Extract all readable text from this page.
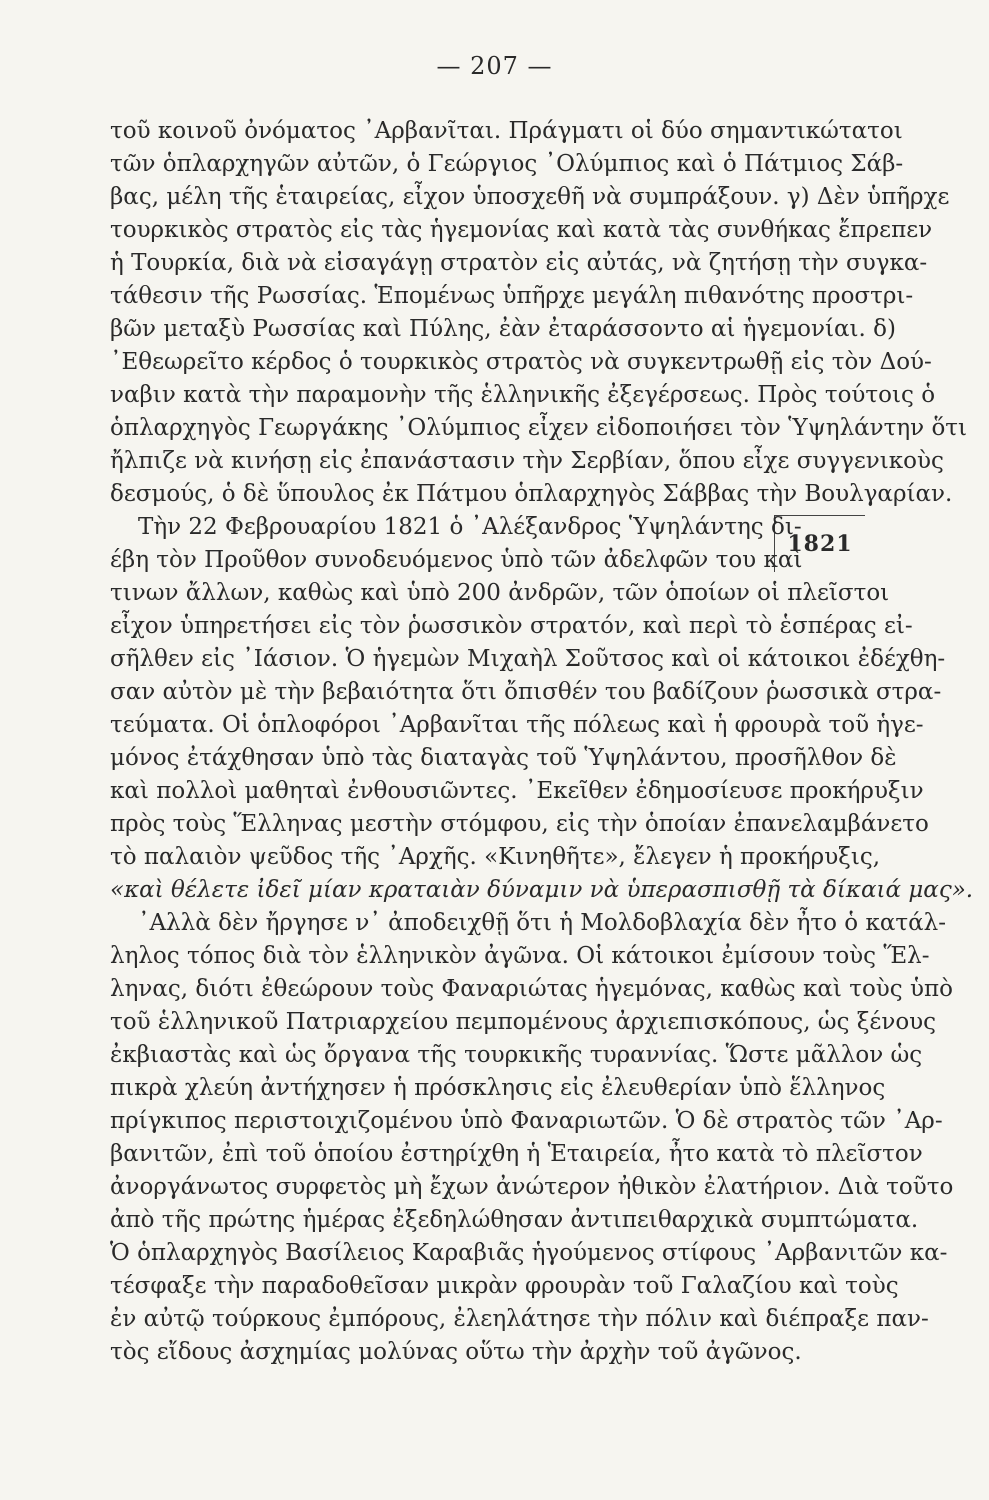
— 207 —
τοῦ κοινοῦ ὀνόματος ᾽Αρβανῖται. Πράγματι οἱ δύο σημαντικώτατοι
τῶν ὁπλαρχηγῶν αὐτῶν, ὁ Γεώργιος ᾽Ολύμπιος καὶ ὁ Πάτμιος Σάβ-
βας, μέλη τῆς ἑταιρείας, εἶχον ὑποσχεθῆ νὰ συμπράξουν. γ) Δὲν ὑπῆρχε
τουρκικὸς στρατὸς εἰς τὰς ἡγεμονίας καὶ κατὰ τὰς συνθήκας ἔπρεπεν
ἡ Τουρκία, διὰ νὰ εἰσαγάγῃ στρατὸν εἰς αὐτάς, νὰ ζητήσῃ τὴν συγκα-
τάθεσιν τῆς Ρωσσίας. Ἑπομένως ὑπῆρχε μεγάλη πιθανότης προστρι-
βῶν μεταξὺ Ρωσσίας καὶ Πύλης, ἐὰν ἐταράσσοντο αἱ ἡγεμονίαι. δ)
᾽Εθεωρεῖτο κέρδος ὁ τουρκικὸς στρατὸς νὰ συγκεντρωθῇ εἰς τὸν Δού-
ναβιν κατὰ τὴν παραμονὴν τῆς ἑλληνικῆς ἐξεγέρσεως. Πρὸς τούτοις ὁ
ὁπλαρχηγὸς Γεωργάκης ᾽Ολύμπιος εἶχεν εἰδοποιήσει τὸν Ὑψηλάντην ὅτι
ἤλπιζε νὰ κινήσῃ εἰς ἐπανάστασιν τὴν Σερβίαν, ὅπου εἶχε συγγενικοὺς
δεσμούς, ὁ δὲ ὕπουλος ἐκ Πάτμου ὁπλαρχηγὸς Σάββας τὴν Βουλγαρίαν.
1821
Τὴν 22 Φεβρουαρίου 1821 ὁ ᾽Αλέξανδρος Ὑψηλάντης δι-
έβη τὸν Προῦθον συνοδευόμενος ὑπὸ τῶν ἀδελφῶν του καὶ
τινων ἄλλων, καθὼς καὶ ὑπὸ 200 ἀνδρῶν, τῶν ὁποίων οἱ πλεῖστοι
εἶχον ὑπηρετήσει εἰς τὸν ῥωσσικὸν στρατόν, καὶ περὶ τὸ ἑσπέρας εἰ-
σῆλθεν εἰς ᾽Ιάσιον. Ὁ ἡγεμὼν Μιχαὴλ Σοῦτσος καὶ οἱ κάτοικοι ἐδέχθη-
σαν αὐτὸν μὲ τὴν βεβαιότητα ὅτι ὄπισθέν του βαδίζουν ῥωσσικὰ στρα-
τεύματα. Οἱ ὁπλοφόροι ᾽Αρβανῖται τῆς πόλεως καὶ ἡ φρουρὰ τοῦ ἡγε-
μόνος ἐτάχθησαν ὑπὸ τὰς διαταγὰς τοῦ Ὑψηλάντου, προσῆλθον δὲ
καὶ πολλοὶ μαθηταὶ ἐνθουσιῶντες. ᾽Εκεῖθεν ἐδημοσίευσε προκήρυξιν
πρὸς τοὺς Ἕλληνας μεστὴν στόμφου, εἰς τὴν ὁποίαν ἐπανελαμβάνετο
τὸ παλαιὸν ψεῦδος τῆς ᾽Αρχῆς. «Κινηθῆτε», ἔλεγεν ἡ προκήρυξις,
«καὶ θέλετε ἰδεῖ μίαν κραταιὰν δύναμιν νὰ ὑπερασπισθῇ τὰ δίκαιά μας».
᾽Αλλὰ δὲν ἤργησε ν᾽ ἀποδειχθῇ ὅτι ἡ Μολδοβλαχία δὲν ἦτο ὁ κατάλ-
ληλος τόπος διὰ τὸν ἑλληνικὸν ἀγῶνα. Οἱ κάτοικοι ἐμίσουν τοὺς Ἕλ-
ληνας, διότι ἐθεώρουν τοὺς Φαναριώτας ἡγεμόνας, καθὼς καὶ τοὺς ὑπὸ
τοῦ ἑλληνικοῦ Πατριαρχείου πεμπομένους ἀρχιεπισκόπους, ὡς ξένους
ἐκβιαστὰς καὶ ὡς ὄργανα τῆς τουρκικῆς τυραννίας. Ὥστε μᾶλλον ὡς
πικρὰ χλεύη ἀντήχησεν ἡ πρόσκλησις εἰς ἐλευθερίαν ὑπὸ ἕλληνος
πρίγκιπος περιστοιχιζομένου ὑπὸ Φαναριωτῶν. Ὁ δὲ στρατὸς τῶν ᾽Αρ-
βανιτῶν, ἐπὶ τοῦ ὁποίου ἐστηρίχθη ἡ Ἑταιρεία, ἦτο κατὰ τὸ πλεῖστον
ἀνοργάνωτος συρφετὸς μὴ ἔχων ἀνώτερον ἠθικὸν ἐλατήριον. Διὰ τοῦτο
ἀπὸ τῆς πρώτης ἡμέρας ἐξεδηλώθησαν ἀντιπειθαρχικὰ συμπτώματα.
Ὁ ὁπλαρχηγὸς Βασίλειος Καραβιᾶς ἡγούμενος στίφους ᾽Αρβανιτῶν κα-
τέσφαξε τὴν παραδοθεῖσαν μικρὰν φρουρὰν τοῦ Γαλαζίου καὶ τοὺς
ἐν αὐτῷ τούρκους ἐμπόρους, ἐλεηλάτησε τὴν πόλιν καὶ διέπραξε παν-
τὸς εἴδους ἀσχημίας μολύνας οὕτω τὴν ἀρχὴν τοῦ ἀγῶνος.
